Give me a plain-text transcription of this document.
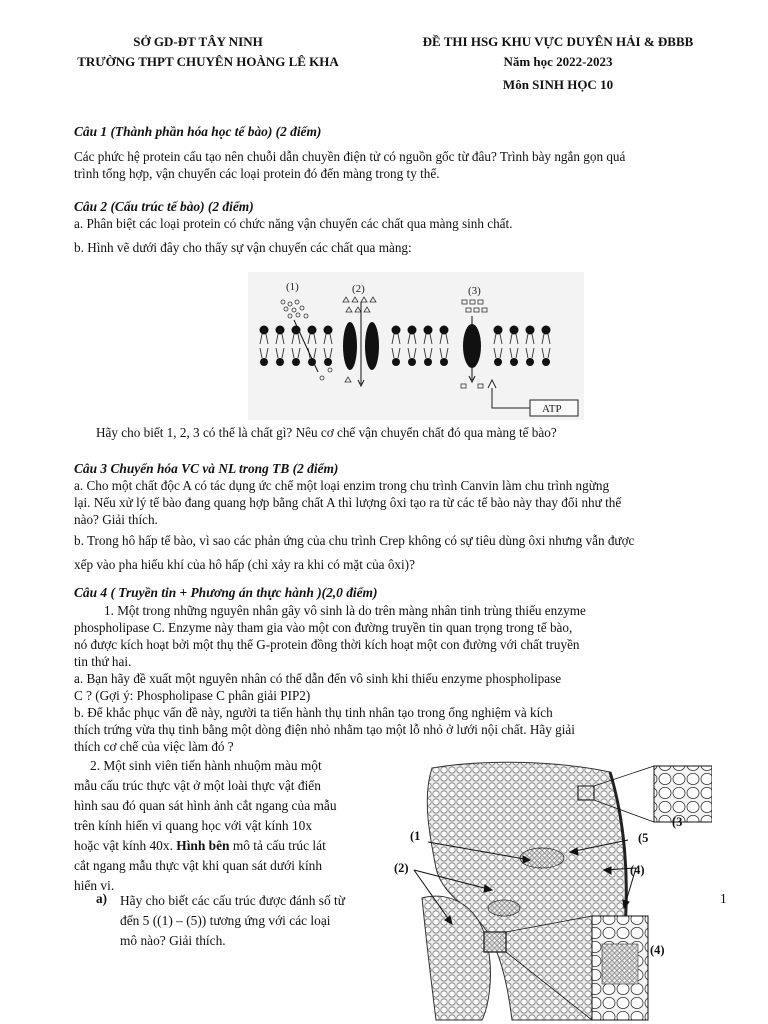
SỞ GD-ĐT TÂY NINH
TRƯỜNG THPT CHUYÊN HOÀNG LÊ KHA
ĐỀ THI HSG KHU VỰC DUYÊN HẢI & ĐBBB
Năm học 2022-2023
Môn SINH HỌC 10
Câu 1 (Thành phần hóa học tế bào) (2 điểm)
Các phức hệ protein cấu tạo nên chuỗi dẫn chuyền điện tử có nguồn gốc từ đâu? Trình bày ngắn gọn quá
trình tổng hợp, vận chuyển các loại protein đó đến màng trong ty thể.
Câu 2 (Cấu trúc tế bào) (2 điểm)
a. Phân biệt các loại protein có chức năng vận chuyển các chất qua màng sinh chất.
b. Hình vẽ dưới đây cho thấy sự vận chuyển các chất qua màng:
(1)	(2)	(3)
ATP
Hãy cho biết 1, 2, 3 có thể là chất gì? Nêu cơ chế vận chuyển chất đó qua màng tế bào?
Câu 3 Chuyển hóa VC và NL trong TB (2 điểm)
a. Cho một chất độc A có tác dụng ức chế một loại enzim trong chu trình Canvin làm chu trình ngừng
lại. Nếu xử lý tế bào đang quang hợp bằng chất A thì lượng ôxi tạo ra từ các tế bào này thay đổi như thế
nào? Giải thích.
b. Trong hô hấp tế bào, vì sao các phản ứng của chu trình Crep không có sự tiêu dùng ôxi nhưng vẫn được
xếp vào pha hiếu khí của hô hấp (chỉ xảy ra khi có mặt của ôxi)?
Câu 4 ( Truyền tin + Phương án thực hành )(2,0 điểm)
1. Một trong những nguyên nhân gây vô sinh là do trên màng nhân tinh trùng thiếu enzyme
phospholipase C. Enzyme này tham gia vào một con đường truyền tin quan trọng trong tế bào,
nó được kích hoạt bởi một thụ thể G-protein đồng thời kích hoạt một con đường với chất truyền
tin thứ hai.
a. Bạn hãy đề xuất một nguyên nhân có thể dẫn đến vô sinh khi thiếu enzyme phospholipase
C ? (Gợi ý: Phospholipase C phân giải PIP2)
b. Để khắc phục vấn đề này, người ta tiến hành thụ tinh nhân tạo trong ống nghiệm và kích
thích trứng vừa thụ tinh bằng một dòng điện nhỏ nhằm tạo một lỗ nhỏ ở lưới nội chất. Hãy giải
thích cơ chế của việc làm đó ?
2. Một sinh viên tiến hành nhuộm màu một
mẫu cấu trúc thực vật ở một loài thực vật điển
hình sau đó quan sát hình ảnh cắt ngang của mẫu
trên kính hiển vi quang học với vật kính 10x
hoặc vật kính 40x. Hình bên mô tả cấu trúc lát
cắt ngang mẫu thực vật khi quan sát dưới kính
hiển vi.
a) Hãy cho biết các cấu trúc được đánh số từ
đến 5 ((1) – (5)) tương ứng với các loại
mô nào? Giải thích.
(1
(2)
(3
(4)
(4)
(5
1
